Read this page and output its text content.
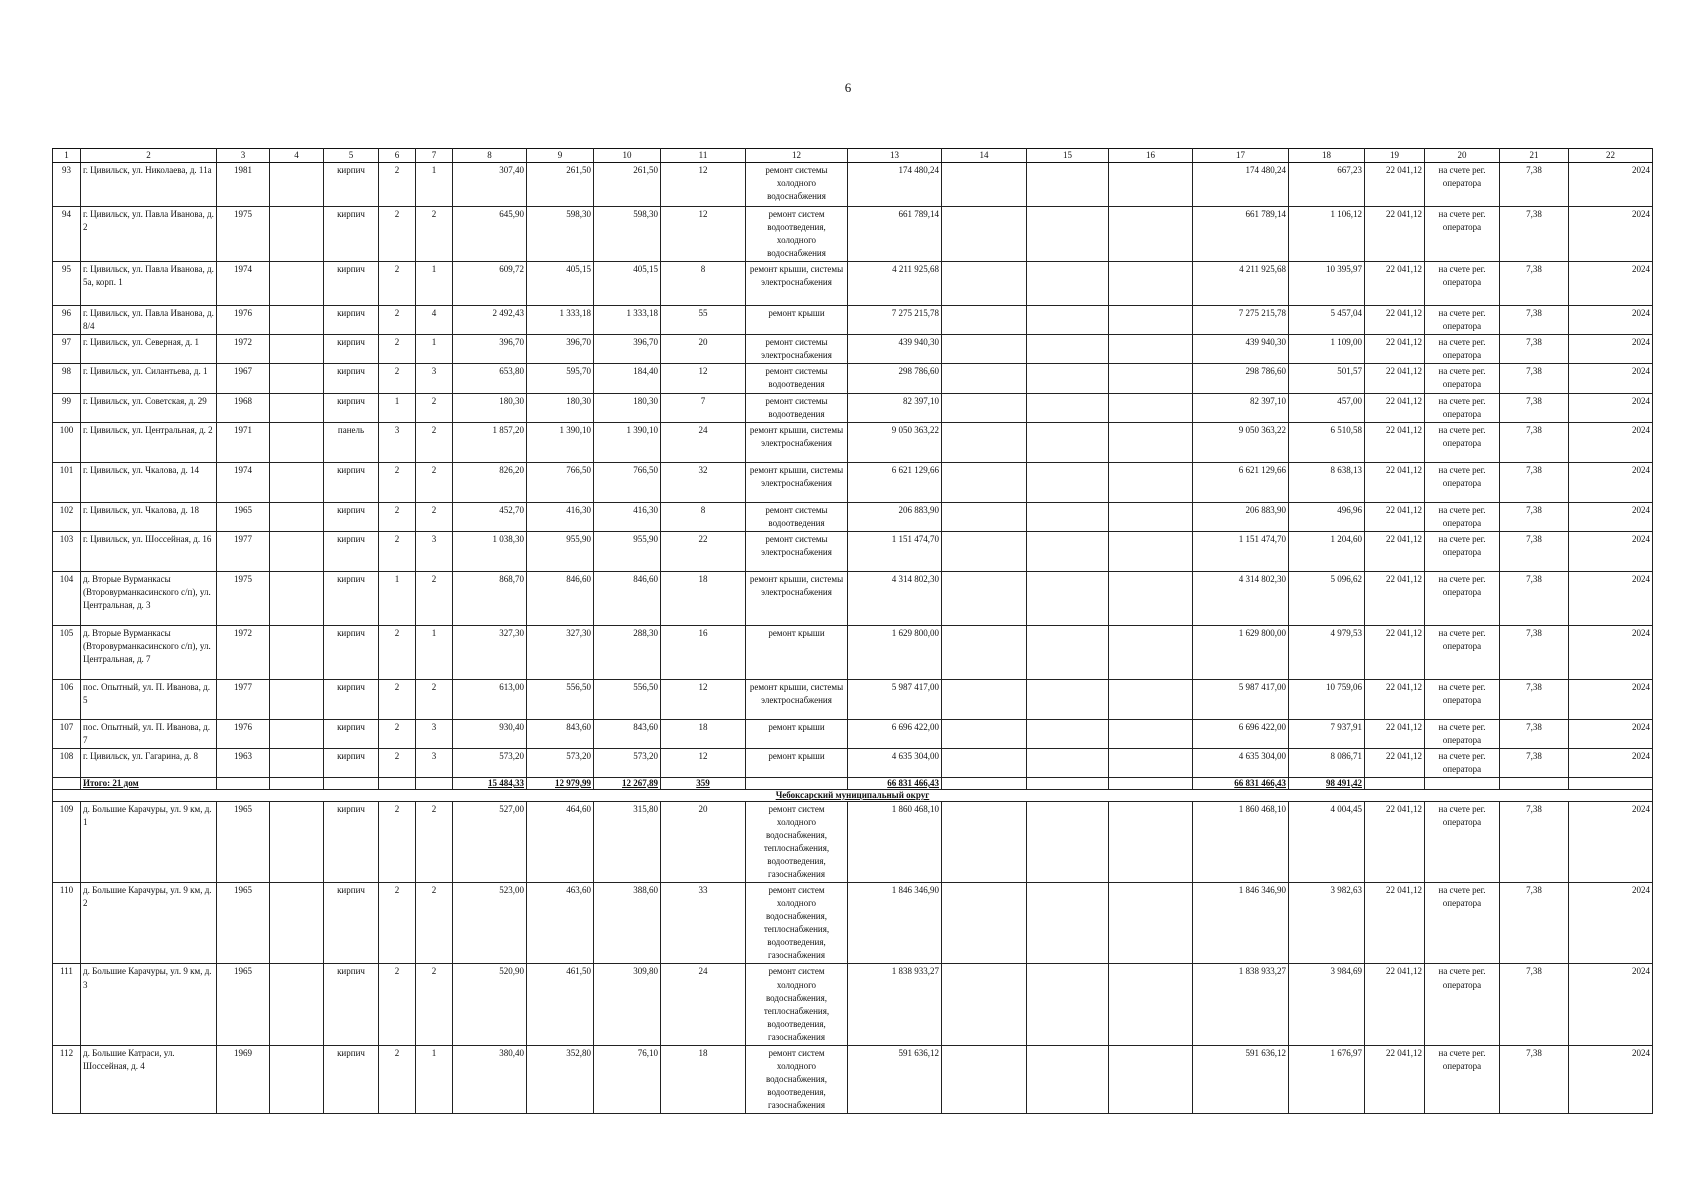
6
1	2	3	4	5	6	7	8	9	10	11	12	13	14	15	16	17	18	19	20	21	22
93	г. Цивильск, ул. Николаева, д. 11а	1981		кирпич	2	1	307,40	261,50	261,50	12	ремонт системы холодного водоснабжения	174 480,24				174 480,24	667,23	22 041,12	на счете рег. оператора	7,38	2024
94	г. Цивильск, ул. Павла Иванова, д. 2	1975		кирпич	2	2	645,90	598,30	598,30	12	ремонт систем водоотведения, холодного водоснабжения	661 789,14				661 789,14	1 106,12	22 041,12	на счете рег. оператора	7,38	2024
95	г. Цивильск, ул. Павла Иванова, д. 5а, корп. 1	1974		кирпич	2	1	609,72	405,15	405,15	8	ремонт крыши, системы электроснабжения	4 211 925,68				4 211 925,68	10 395,97	22 041,12	на счете рег. оператора	7,38	2024
96	г. Цивильск, ул. Павла Иванова, д. 8/4	1976		кирпич	2	4	2 492,43	1 333,18	1 333,18	55	ремонт крыши	7 275 215,78				7 275 215,78	5 457,04	22 041,12	на счете рег. оператора	7,38	2024
97	г. Цивильск, ул. Северная, д. 1	1972		кирпич	2	1	396,70	396,70	396,70	20	ремонт системы электроснабжения	439 940,30				439 940,30	1 109,00	22 041,12	на счете рег. оператора	7,38	2024
98	г. Цивильск, ул. Силантьева, д. 1	1967		кирпич	2	3	653,80	595,70	184,40	12	ремонт системы водоотведения	298 786,60				298 786,60	501,57	22 041,12	на счете рег. оператора	7,38	2024
99	г. Цивильск, ул. Советская, д. 29	1968		кирпич	1	2	180,30	180,30	180,30	7	ремонт системы водоотведения	82 397,10				82 397,10	457,00	22 041,12	на счете рег. оператора	7,38	2024
100	г. Цивильск, ул. Центральная, д. 2	1971		панель	3	2	1 857,20	1 390,10	1 390,10	24	ремонт крыши, системы электроснабжения	9 050 363,22				9 050 363,22	6 510,58	22 041,12	на счете рег. оператора	7,38	2024
101	г. Цивильск, ул. Чкалова, д. 14	1974		кирпич	2	2	826,20	766,50	766,50	32	ремонт крыши, системы электроснабжения	6 621 129,66				6 621 129,66	8 638,13	22 041,12	на счете рег. оператора	7,38	2024
102	г. Цивильск, ул. Чкалова, д. 18	1965		кирпич	2	2	452,70	416,30	416,30	8	ремонт системы водоотведения	206 883,90				206 883,90	496,96	22 041,12	на счете рег. оператора	7,38	2024
103	г. Цивильск, ул. Шоссейная, д. 16	1977		кирпич	2	3	1 038,30	955,90	955,90	22	ремонт системы электроснабжения	1 151 474,70				1 151 474,70	1 204,60	22 041,12	на счете рег. оператора	7,38	2024
104	д. Вторые Вурманкасы (Второвурманкасинского с/п), ул. Центральная, д. 3	1975		кирпич	1	2	868,70	846,60	846,60	18	ремонт крыши, системы электроснабжения	4 314 802,30				4 314 802,30	5 096,62	22 041,12	на счете рег. оператора	7,38	2024
105	д. Вторые Вурманкасы (Второвурманкасинского с/п), ул. Центральная, д. 7	1972		кирпич	2	1	327,30	327,30	288,30	16	ремонт крыши	1 629 800,00				1 629 800,00	4 979,53	22 041,12	на счете рег. оператора	7,38	2024
106	пос. Опытный, ул. П. Иванова, д. 5	1977		кирпич	2	2	613,00	556,50	556,50	12	ремонт крыши, системы электроснабжения	5 987 417,00				5 987 417,00	10 759,06	22 041,12	на счете рег. оператора	7,38	2024
107	пос. Опытный, ул. П. Иванова, д. 7	1976		кирпич	2	3	930,40	843,60	843,60	18	ремонт крыши	6 696 422,00				6 696 422,00	7 937,91	22 041,12	на счете рег. оператора	7,38	2024
108	г. Цивильск, ул. Гагарина, д. 8	1963		кирпич	2	3	573,20	573,20	573,20	12	ремонт крыши	4 635 304,00				4 635 304,00	8 086,71	22 041,12	на счете рег. оператора	7,38	2024
	Итого: 21 дом						15 484,33	12 979,99	12 267,89	359		66 831 466,43				66 831 466,43	98 491,42				
Чебоксарский муниципальный округ																					
109	д. Большие Карачуры, ул. 9 км, д. 1	1965		кирпич	2	2	527,00	464,60	315,80	20	ремонт систем холодного водоснабжения, теплоснабжения, водоотведения, газоснабжения	1 860 468,10				1 860 468,10	4 004,45	22 041,12	на счете рег. оператора	7,38	2024
110	д. Большие Карачуры, ул. 9 км, д. 2	1965		кирпич	2	2	523,00	463,60	388,60	33	ремонт систем холодного водоснабжения, теплоснабжения, водоотведения, газоснабжения	1 846 346,90				1 846 346,90	3 982,63	22 041,12	на счете рег. оператора	7,38	2024
111	д. Большие Карачуры, ул. 9 км, д. 3	1965		кирпич	2	2	520,90	461,50	309,80	24	ремонт систем холодного водоснабжения, теплоснабжения, водоотведения, газоснабжения	1 838 933,27				1 838 933,27	3 984,69	22 041,12	на счете рег. оператора	7,38	2024
112	д. Большие Катраси, ул. Шоссейная, д. 4	1969		кирпич	2	1	380,40	352,80	76,10	18	ремонт систем холодного водоснабжения, водоотведения, газоснабжения	591 636,12				591 636,12	1 676,97	22 041,12	на счете рег. оператора	7,38	2024
